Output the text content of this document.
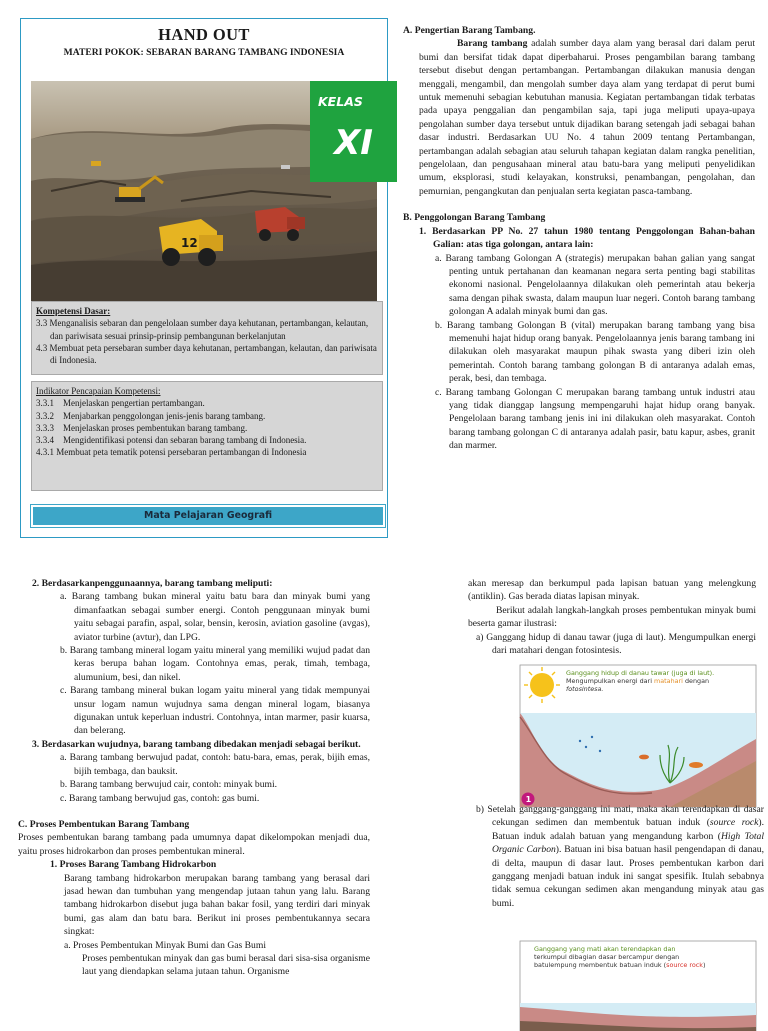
HAND OUT
MATERI POKOK: SEBARAN BARANG TAMBANG INDONESIA
12
KELAS
XI
Kompetensi Dasar:
3.3 Menganalisis sebaran dan pengelolaan sumber daya kehutanan, pertambangan, kelautan, dan pariwisata sesuai prinsip-prinsip pembangunan berkelanjutan
4.3 Membuat peta persebaran sumber daya kehutanan, pertambangan, kelautan, dan pariwisata di Indonesia.
Indikator Pencapaian Kompetensi:
3.3.1    Menjelaskan pengertian pertambangan.
3.3.2    Menjabarkan penggolongan jenis-jenis barang tambang.
3.3.3    Menjelaskan proses pembentukan barang tambang.
3.3.4    Mengidentifikasi potensi dan sebaran barang tambang di Indonesia.
4.3.1 Membuat peta tematik potensi persebaran pertambangan di Indonesia
Mata Pelajaran Geografi
A. Pengertian Barang Tambang.
Barang tambang adalah sumber daya alam yang berasal dari dalam perut bumi dan bersifat tidak dapat diperbaharui. Proses pengambilan barang tambang tersebut disebut dengan pertambangan. Pertambangan dilakukan manusia dengan menggali, mengambil, dan mengolah sumber daya alam yang terdapat di perut bumi untuk memenuhi sebagian kebutuhan manusia. Kegiatan pertambangan tidak terbatas pada upaya penggalian dan pengambilan saja, tapi juga meliputi upaya-upaya pengolahan sumber daya tersebut untuk dijadikan barang setengah jadi sebagai bahan dasar industri. Berdasarkan UU No. 4 tahun 2009 tentang Pertambangan, pertambangan adalah sebagian atau seluruh tahapan kegiatan dalam rangka penelitian, pengelolaan, dan pengusahaan mineral atau batu-bara yang meliputi penyelidikan umum, eksplorasi, studi kelayakan, konstruksi, penambangan, pengolahan, dan pemurnian, pengangkutan dan penjualan serta kegiatan pasca-tambang.
B. Penggolongan Barang Tambang
1. Berdasarkan PP No. 27 tahun 1980 tentang Penggolongan Bahan-bahan Galian: atas tiga golongan, antara lain:
a. Barang tambang Golongan A (strategis) merupakan bahan galian yang sangat penting untuk pertahanan dan keamanan negara serta penting bagi stabilitas ekonomi nasional. Pengelolaannya dilakukan oleh pemerintah atau bekerja sama dengan pihak swasta, dalam maupun luar negeri. Contoh barang tambang golongan A adalah minyak bumi dan gas.
b. Barang tambang Golongan B (vital) merupakan barang tambang yang bisa memenuhi hajat hidup orang banyak. Pengelolaannya jenis barang tambang ini dilakukan oleh masyarakat maupun pihak swasta yang diberi izin oleh pemerintah. Contoh barang tambang golongan B di antaranya adalah emas, perak, besi, dan tembaga.
c. Barang tambang Golongan C merupakan barang tambang untuk industri atau yang tidak dianggap langsung mempengaruhi hajat hidup orang banyak. Pengelolaan barang tambang jenis ini ini dilakukan oleh masyarakat. Contoh barang tambang golongan C di antaranya adalah pasir, batu kapur, asbes, granit dan marmer.
2. Berdasarkanpenggunaannya, barang tambang meliputi:
a. Barang tambang bukan mineral yaitu batu bara dan minyak bumi yang dimanfaatkan sebagai sumber energi. Contoh penggunaan minyak bumi yaitu sebagai parafin, aspal, solar, bensin, kerosin, aviation gasoline (avgas), aviator turbine (avtur), dan LPG.
b. Barang tambang mineral logam yaitu mineral yang memiliki wujud padat dan keras berupa bahan logam. Contohnya emas, perak, timah, tembaga, alumunium, besi, dan nikel.
c. Barang tambang mineral bukan logam yaitu mineral yang tidak mempunyai unsur logam namun wujudnya sama dengan mineral logam, biasanya digunakan untuk keperluan industri. Contohnya, intan marmer, pasir kuarsa, dan belerang.
3. Berdasarkan wujudnya, barang tambang dibedakan menjadi sebagai berikut.
a. Barang tambang berwujud padat, contoh: batu-bara, emas, perak, bijih emas, bijih tembaga, dan bauksit.
b. Barang tambang berwujud cair, contoh: minyak bumi.
c. Barang tambang berwujud gas, contoh: gas bumi.
C. Proses Pembentukan Barang Tambang
Proses pembentukan barang tambang pada umumnya dapat dikelompokan menjadi dua, yaitu proses hidrokarbon dan proses pembentukan mineral.
1. Proses Barang Tambang Hidrokarbon
Barang tambang hidrokarbon merupakan barang tambang yang berasal dari jasad hewan dan tumbuhan yang mengendap jutaan tahun yang lalu. Barang tambang hidrokarbon disebut juga bahan bakar fosil, yang terdiri dari minyak bumi, gas alam dan batu bara. Berikut ini proses pembentukannya secara singkat:
a. Proses Pembentukan Minyak Bumi dan Gas Bumi
Proses pembentukan minyak dan gas bumi berasal dari sisa-sisa organisme laut yang diendapkan selama jutaan tahun. Organisme
akan meresap dan berkumpul pada lapisan batuan yang melengkung (antiklin). Gas berada diatas lapisan minyak.
Berikut adalah langkah-langkah proses pembentukan minyak bumi beserta gamar ilustrasi:
a) Ganggang hidup di danau tawar (juga di laut). Mengumpulkan energi dari matahari dengan fotosintesis.
Ganggang hidup di danau tawar (juga di laut).
Mengumpulkan energi dari matahari dengan
fotosintesa.
1
b) Setelah ganggang-ganggang ini mati, maka akan terendapkan di dasar cekungan sedimen dan membentuk batuan induk (source rock). Batuan induk adalah batuan yang mengandung karbon (High Total Organic Carbon). Batuan ini bisa batuan hasil pengendapan di danau, di delta, maupun di dasar laut. Proses pembentukan karbon dari ganggang menjadi batuan induk ini sangat spesifik. Itulah sebabnya tidak semua cekungan sedimen akan mengandung minyak atau gas bumi.
Ganggang yang mati akan terendapkan dan
terkumpul dibagian dasar bercampur dengan
batulempung membentuk batuan induk (source rock)
